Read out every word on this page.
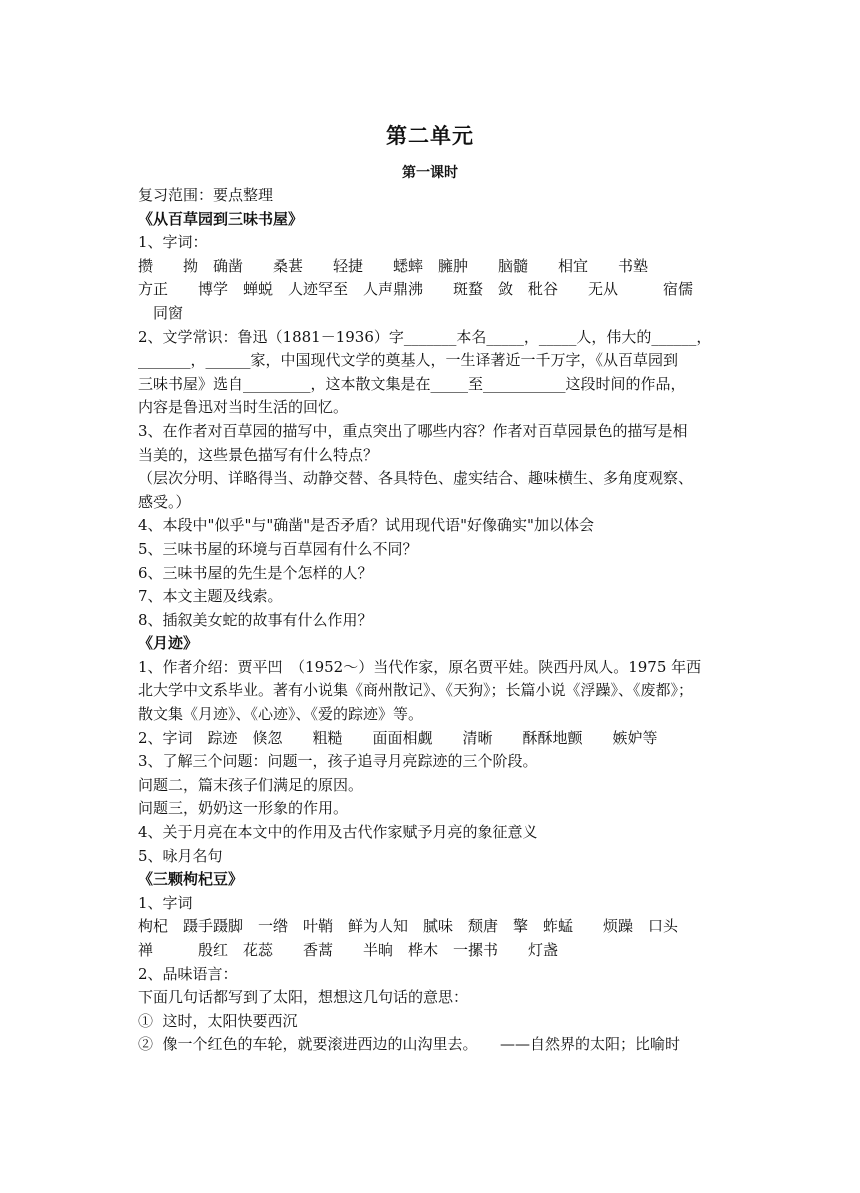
第二单元
第一课时
复习范围：要点整理
《从百草园到三味书屋》
1、字词：
攒　　拗　确凿　　桑葚　　轻捷　　蟋蟀　臃肿　　脑髓　　相宜　　书塾
方正　　博学　蝉蜕　人迹罕至　人声鼎沸　　斑蝥　敛　秕谷　　无从　　　宿儒
　同窗
2、文学常识：鲁迅（1881－1936）字_______本名_____，_____人，伟大的______，
_______，______家，中国现代文学的奠基人，一生译著近一千万字，《从百草园到
三味书屋》选自_________，这本散文集是在_____至___________这段时间的作品，
内容是鲁迅对当时生活的回忆。
3、在作者对百草园的描写中，重点突出了哪些内容？作者对百草园景色的描写是相
当美的，这些景色描写有什么特点？
（层次分明、详略得当、动静交替、各具特色、虚实结合、趣味横生、多角度观察、
感受。）
4、本段中"似乎"与"确凿"是否矛盾？试用现代语"好像确实"加以体会
5、三味书屋的环境与百草园有什么不同？
6、三味书屋的先生是个怎样的人？
7、本文主题及线索。
8、插叙美女蛇的故事有什么作用？
《月迹》
1、作者介绍：贾平凹　（1952～）当代作家，原名贾平娃。陕西丹凤人。1975 年西
北大学中文系毕业。著有小说集《商州散记》、《天狗》；长篇小说《浮躁》、《废都》；
散文集《月迹》、《心迹》、《爱的踪迹》等。
2、字词　踪迹　倏忽　　粗糙　　面面相觑　　清晰　　酥酥地颤　　嫉妒等
3、了解三个问题：问题一，孩子追寻月亮踪迹的三个阶段。
问题二，篇末孩子们满足的原因。
问题三，奶奶这一形象的作用。
4、关于月亮在本文中的作用及古代作家赋予月亮的象征意义
5、咏月名句
《三颗枸杞豆》
1、字词
枸杞　蹑手蹑脚　一绺　叶鞘　鲜为人知　腻味　颓唐　擎　蚱蜢　　烦躁　口头
禅　　　殷红　花蕊　　香蒿　　半晌　桦木　一摞书　　灯盏
2、品味语言：
下面几句话都写到了太阳，想想这几句话的意思：
①  这时，太阳快要西沉
②  像一个红色的车轮，就要滚进西边的山沟里去。　　——自然界的太阳；比喻时
